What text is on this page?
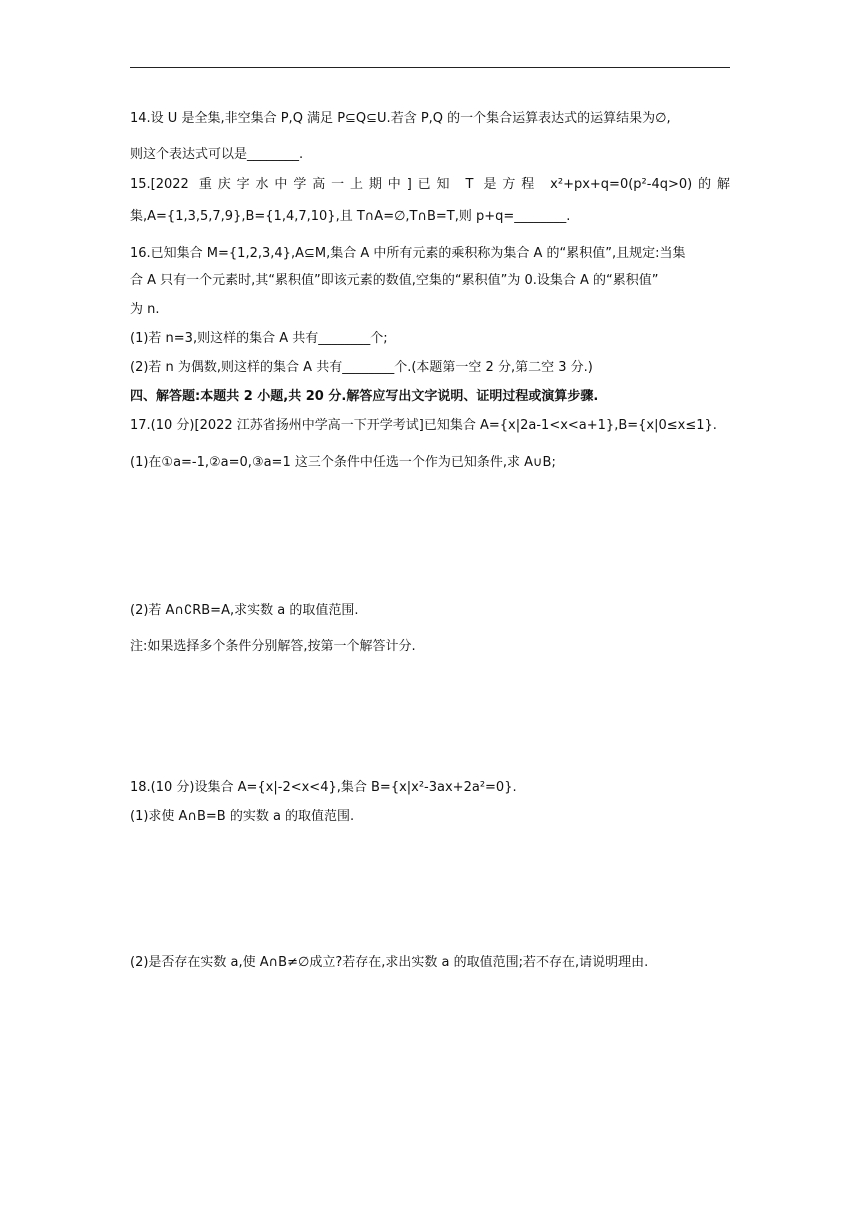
14.设 U 是全集,非空集合 P,Q 满足 P⊆Q⊆U.若含 P,Q 的一个集合运算表达式的运算结果为∅,
则这个表达式可以是________.
15.[2022 重庆字水中学高一上期中]已知 T 是方程 x²+px+q=0(p²-4q>0)的解
集,A={1,3,5,7,9},B={1,4,7,10},且 T∩A=∅,T∩B=T,则 p+q=________.
16.已知集合 M={1,2,3,4},A⊆M,集合 A 中所有元素的乘积称为集合 A 的“累积值”,且规定:当集
合 A 只有一个元素时,其“累积值”即该元素的数值,空集的“累积值”为 0.设集合 A 的“累积值”
为 n.
(1)若 n=3,则这样的集合 A 共有________个;
(2)若 n 为偶数,则这样的集合 A 共有________个.(本题第一空 2 分,第二空 3 分.)
四、解答题:本题共 2 小题,共 20 分.解答应写出文字说明、证明过程或演算步骤.
17.(10 分)[2022 江苏省扬州中学高一下开学考试]已知集合 A={x|2a-1<x<a+1},B={x|0≤x≤1}.
(1)在①a=-1,②a=0,③a=1 这三个条件中任选一个作为已知条件,求 A∪B;
(2)若 A∩∁RB=A,求实数 a 的取值范围.
注:如果选择多个条件分别解答,按第一个解答计分.
18.(10 分)设集合 A={x|-2<x<4},集合 B={x|x²-3ax+2a²=0}.
(1)求使 A∩B=B 的实数 a 的取值范围.
(2)是否存在实数 a,使 A∩B≠∅成立?若存在,求出实数 a 的取值范围;若不存在,请说明理由.
